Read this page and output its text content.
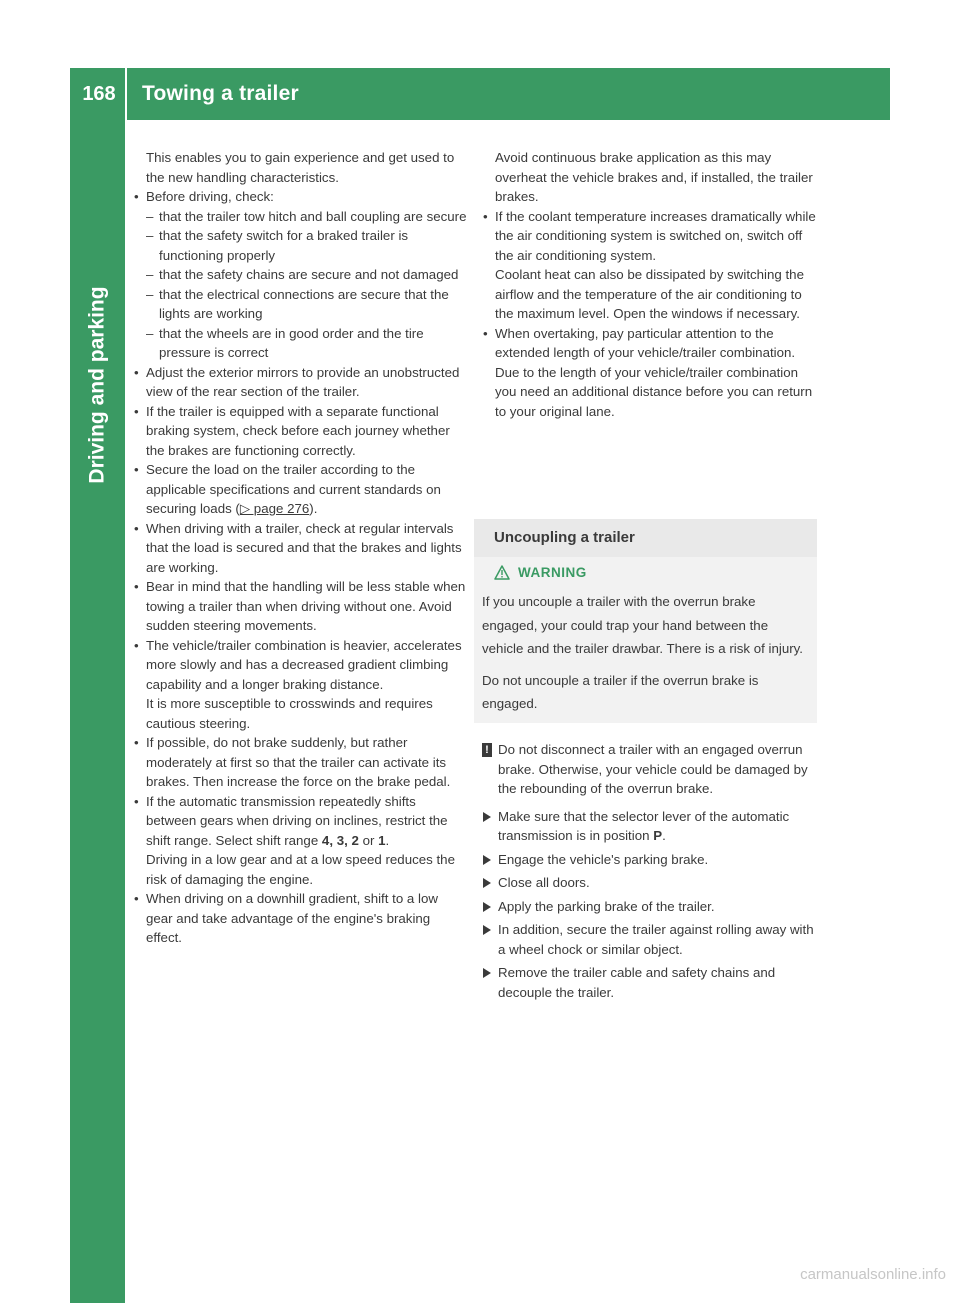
168	Towing a trailer
Driving and parking

This enables you to gain experience and get used to the new handling characteristics.

• Before driving, check:

– that the trailer tow hitch and ball coupling are secure

– that the safety switch for a braked trailer is functioning properly

– that the safety chains are secure and not damaged

– that the electrical connections are secure that the lights are working

– that the wheels are in good order and the tire pressure is correct

• Adjust the exterior mirrors to provide an unobstructed view of the rear section of the trailer.

• If the trailer is equipped with a separate functional braking system, check before each journey whether the brakes are functioning correctly.

• Secure the load on the trailer according to the applicable specifications and current standards on securing loads (▷ page 276).

• When driving with a trailer, check at regular intervals that the load is secured and that the brakes and lights are working.

• Bear in mind that the handling will be less stable when towing a trailer than when driving without one. Avoid sudden steering movements.

• The vehicle/trailer combination is heavier, accelerates more slowly and has a decreased gradient climbing capability and a longer braking distance.

It is more susceptible to crosswinds and requires cautious steering.

• If possible, do not brake suddenly, but rather moderately at first so that the trailer can activate its brakes. Then increase the force on the brake pedal.

• If the automatic transmission repeatedly shifts between gears when driving on inclines, restrict the shift range. Select shift range 4, 3, 2 or 1.

Driving in a low gear and at a low speed reduces the risk of damaging the engine.

• When driving on a downhill gradient, shift to a low gear and take advantage of the engine's braking effect.

Avoid continuous brake application as this may overheat the vehicle brakes and, if installed, the trailer brakes.

• If the coolant temperature increases dramatically while the air conditioning system is switched on, switch off the air conditioning system.

Coolant heat can also be dissipated by switching the airflow and the temperature of the air conditioning to the maximum level. Open the windows if necessary.

• When overtaking, pay particular attention to the extended length of your vehicle/trailer combination.

Due to the length of your vehicle/trailer combination you need an additional distance before you can return to your original lane.

Uncoupling a trailer
WARNING

If you uncouple a trailer with the overrun brake engaged, your could trap your hand between the vehicle and the trailer drawbar. There is a risk of injury.

Do not uncouple a trailer if the overrun brake is engaged.

! Do not disconnect a trailer with an engaged overrun brake. Otherwise, your vehicle could be damaged by the rebounding of the overrun brake.

Make sure that the selector lever of the automatic transmission is in position P.

Engage the vehicle's parking brake.

Close all doors.

Apply the parking brake of the trailer.

In addition, secure the trailer against rolling away with a wheel chock or similar object.

Remove the trailer cable and safety chains and decouple the trailer.

carmanualsonline.info
